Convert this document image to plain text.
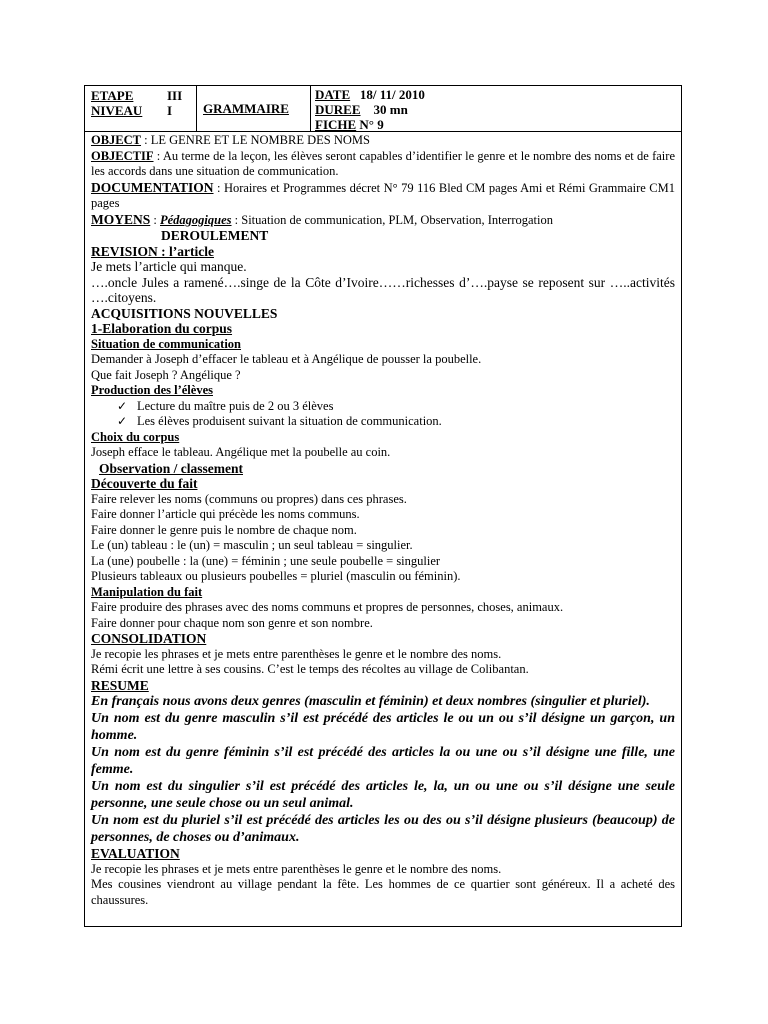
ETAPE	III
NIVEAU	I GRAMMAIRE
DATE 18/ 11/ 2010
DUREE 30 mn
FICHE N° 9
OBJECT : LE GENRE ET LE NOMBRE DES NOMS
OBJECTIF : Au terme de la leçon, les élèves seront capables d’identifier le genre et le nombre des noms et de faire les accords dans une situation de communication.
DOCUMENTATION : Horaires et Programmes décret N° 79 116 Bled CM pages Ami et Rémi Grammaire CM1 pages
MOYENS : Pédagogiques : Situation de communication, PLM, Observation, Interrogation
DEROULEMENT
REVISION : l’article
Je mets l’article qui manque.
….oncle Jules a ramené….singe de la Côte d’Ivoire……richesses d’….payse se reposent sur …..activités ….citoyens.
ACQUISITIONS NOUVELLES
1-Elaboration du corpus
Situation de communication
Demander à Joseph d’effacer le tableau et à Angélique de pousser la poubelle.
Que fait Joseph ? Angélique ?
Production des l’élèves
✓ Lecture du maître puis de 2 ou 3 élèves
✓ Les élèves produisent suivant la situation de communication.
Choix du corpus
Joseph efface le tableau. Angélique met la poubelle au coin.
Observation / classement
Découverte du fait
Faire relever les noms (communs ou propres) dans ces phrases.
Faire donner l’article qui précède les noms communs.
Faire donner le genre puis le nombre de chaque nom.
Le (un) tableau : le (un) = masculin ; un seul tableau = singulier.
La (une) poubelle : la (une) = féminin ; une seule poubelle = singulier
Plusieurs tableaux ou plusieurs poubelles = pluriel (masculin ou féminin).
Manipulation du fait
Faire produire des phrases avec des noms communs et propres de personnes, choses, animaux.
Faire donner pour chaque nom son genre et son nombre.
CONSOLIDATION
Je recopie les phrases et je mets entre parenthèses le genre et le nombre des noms.
Rémi écrit une lettre à ses cousins. C’est le temps des récoltes au village de Colibantan.
RESUME
En français nous avons deux genres (masculin et féminin) et deux nombres (singulier et pluriel).
Un nom est du genre masculin s’il est précédé des articles le ou un ou s’il désigne un garçon, un homme.
Un nom est du genre féminin s’il est précédé des articles la ou une ou s’il désigne une fille, une femme.
Un nom est du singulier s’il est précédé des articles le, la, un ou une ou s’il désigne une seule personne, une seule chose ou un seul animal.
Un nom est du pluriel s’il est précédé des articles les ou des ou s’il désigne plusieurs (beaucoup) de personnes, de choses ou d’animaux.
EVALUATION
Je recopie les phrases et je mets entre parenthèses le genre et le nombre des noms.
Mes cousines viendront au village pendant la fête. Les hommes de ce quartier sont généreux. Il a acheté des chaussures.
